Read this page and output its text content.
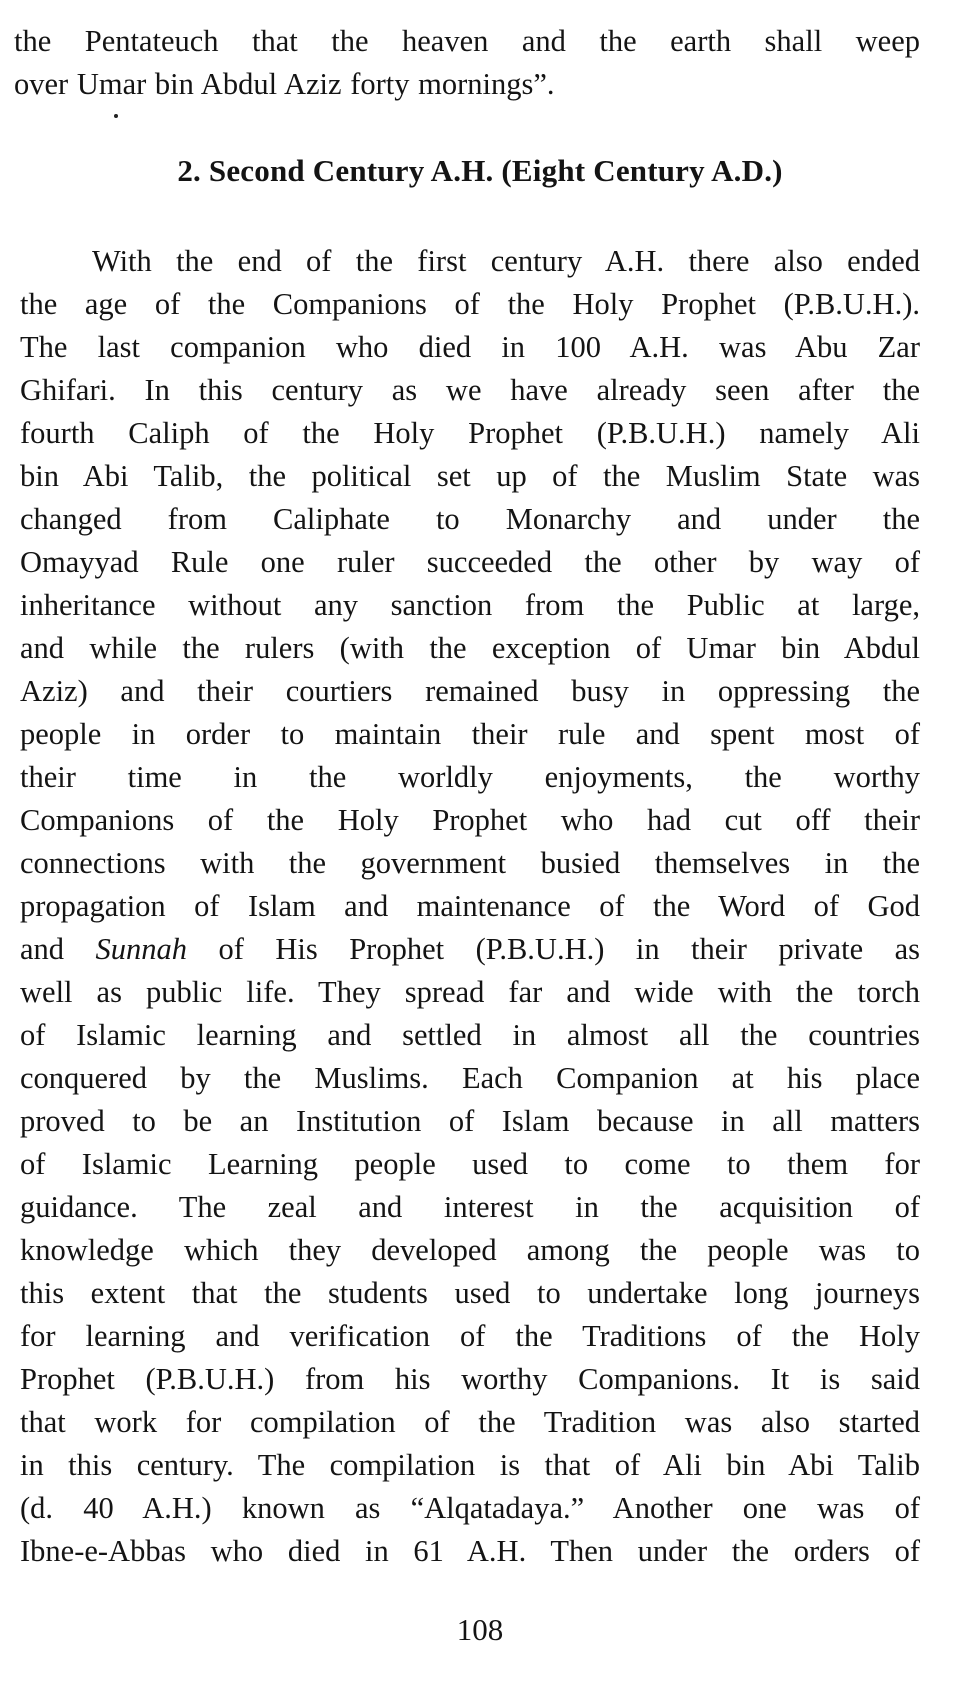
the Pentateuch that the heaven and the earth shall weep
over Umar bin Abdul Aziz forty mornings”.
2. Second Century A.H. (Eight Century A.D.)
With the end of the first century A.H. there also ended
the age of the Companions of the Holy Prophet (P.B.U.H.).
The last companion who died in 100 A.H. was Abu Zar
Ghifari. In this century as we have already seen after the
fourth Caliph of the Holy Prophet (P.B.U.H.) namely Ali
bin Abi Talib, the political set up of the Muslim State was
changed from Caliphate to Monarchy and under the
Omayyad Rule one ruler succeeded the other by way of
inheritance without any sanction from the Public at large,
and while the rulers (with the exception of Umar bin Abdul
Aziz) and their courtiers remained busy in oppressing the
people in order to maintain their rule and spent most of
their time in the worldly enjoyments, the worthy
Companions of the Holy Prophet who had cut off their
connections with the government busied themselves in the
propagation of Islam and maintenance of the Word of God
and Sunnah of His Prophet (P.B.U.H.) in their private as
well as public life. They spread far and wide with the torch
of Islamic learning and settled in almost all the countries
conquered by the Muslims. Each Companion at his place
proved to be an Institution of Islam because in all matters
of Islamic Learning people used to come to them for
guidance. The zeal and interest in the acquisition of
knowledge which they developed among the people was to
this extent that the students used to undertake long journeys
for learning and verification of the Traditions of the Holy
Prophet (P.B.U.H.) from his worthy Companions. It is said
that work for compilation of the Tradition was also started
in this century. The compilation is that of Ali bin Abi Talib
(d. 40 A.H.) known as “Alqatadaya.” Another one was of
Ibne-e-Abbas who died in 61 A.H. Then under the orders of
108
